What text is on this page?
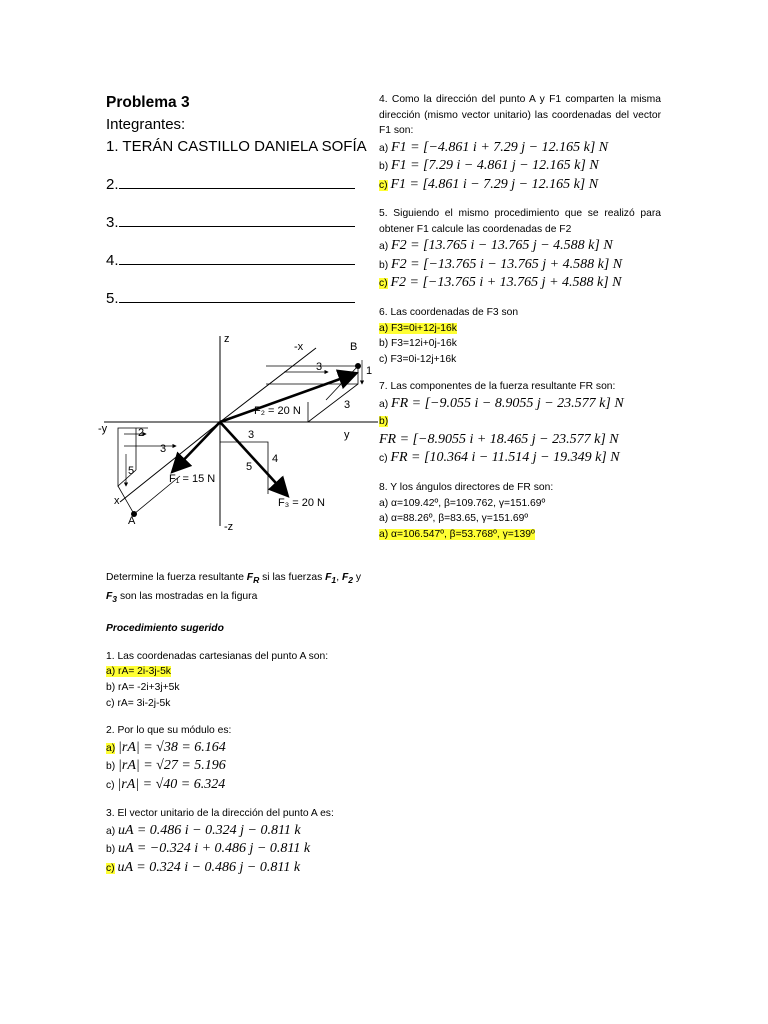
Problema 3
Integrantes:
1. TERÁN CASTILLO DANIELA SOFÍA
2.
3.
4.
5.
z
-z
y
-y
x
-x	B
A
F₁ = 15 N
F₂ = 20 N
F₃ = 20 N
3	1
3
2
3
5
3
4
5
Determine la fuerza resultante $F_R$ si las fuerzas $F_1$, $F_2$ y $F_3$ son las mostradas en la figura
Procedimiento sugerido
1. Las coordenadas cartesianas del punto A son:
a) rA= 2i-3j-5k
b) rA= -2i+3j+5k
c) rA= 3i-2j-5k
2. Por lo que su módulo es:
a) |rA| = √38 = 6.164
b) |rA| = √27 = 5.196
c) |rA| = √40 = 6.324
3. El vector unitario de la dirección del punto A es:
a) uA = 0.486 i − 0.324 j − 0.811 k
b) uA = −0.324 i + 0.486 j − 0.811 k
c) uA = 0.324 i − 0.486 j − 0.811 k
4. Como la dirección del punto A y F1 comparten la misma dirección (mismo vector unitario) las coordenadas del vector F1 son:
a) F1 = [−4.861 i + 7.29 j − 12.165 k] N
b) F1 = [7.29 i − 4.861 j − 12.165 k] N
c) F1 = [4.861 i − 7.29 j − 12.165 k] N
5. Siguiendo el mismo procedimiento que se realizó para obtener F1 calcule las coordenadas de F2
a) F2 = [13.765 i − 13.765 j − 4.588 k] N
b) F2 = [−13.765 i − 13.765 j + 4.588 k] N
c) F2 = [−13.765 i + 13.765 j + 4.588 k] N
6. Las coordenadas de F3 son
a) F3=0i+12j-16k
b) F3=12i+0j-16k
c) F3=0i-12j+16k
7. Las componentes de la fuerza resultante FR son:
a) FR = [−9.055 i − 8.9055 j − 23.577 k] N
b)
FR = [−8.9055 i + 18.465 j − 23.577 k] N
c) FR = [10.364 i − 11.514 j − 19.349 k] N
8. Y los ángulos directores de FR son:
a) α=109.42º, β=109.762, γ=151.69º
a) α=88.26º, β=83.65, γ=151.69º
a) α=106.547º, β=53.768º, γ=139º
